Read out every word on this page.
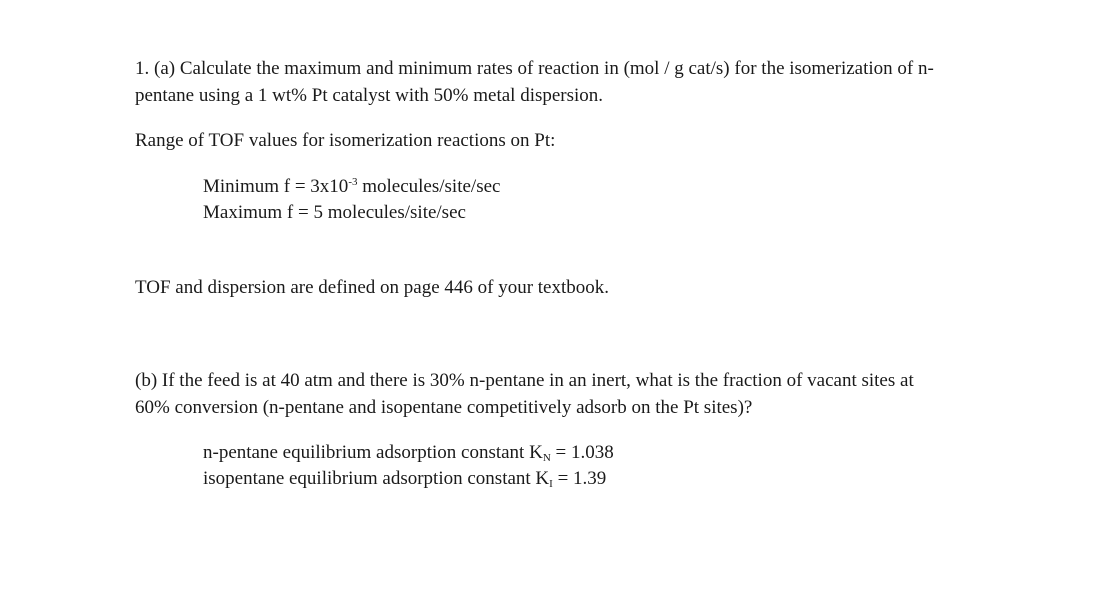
1. (a) Calculate the maximum and minimum rates of reaction in (mol / g cat/s) for the isomerization of n-
pentane using a 1 wt% Pt catalyst with 50% metal dispersion.
Range of TOF values for isomerization reactions on Pt:
Minimum $f = 3x10^{-3}$ molecules/site/sec
Maximum f = 5 molecules/site/sec
TOF and dispersion are defined on page 446 of your textbook.
(b) If the feed is at 40 atm and there is 30% n-pentane in an inert, what is the fraction of vacant sites at
60% conversion (n-pentane and isopentane competitively adsorb on the Pt sites)?
n-pentane equilibrium adsorption constant $K_N = 1.038$
isopentane equilibrium adsorption constant $K_I = 1.39$
